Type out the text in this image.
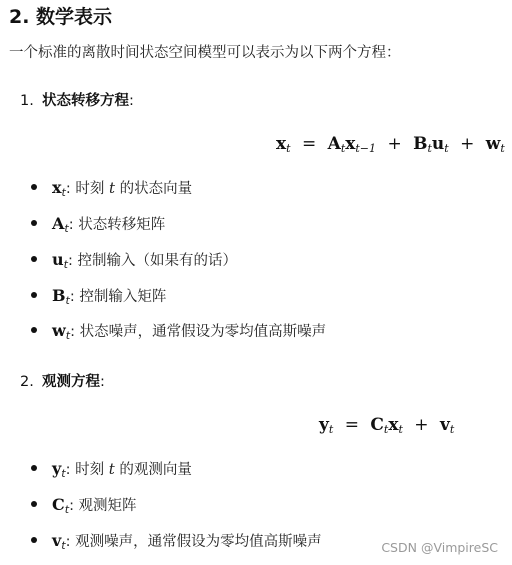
2. 数学表示
一个标准的离散时间状态空间模型可以表示为以下两个方程：
1. 状态转移方程:
$x_t = A_tx_{t-1} + B_tu_t + w_t$
$x_t$: 时刻 t 的状态向量
$A_t$: 状态转移矩阵
$u_t$: 控制输入（如果有的话）
$B_t$: 控制输入矩阵
$w_t$: 状态噪声，通常假设为零均值高斯噪声
2. 观测方程:
$y_t = C_tx_t + v_t$
$y_t$: 时刻 t 的观测向量
$C_t$: 观测矩阵
$v_t$: 观测噪声，通常假设为零均值高斯噪声	CSDN @VimpireSC
